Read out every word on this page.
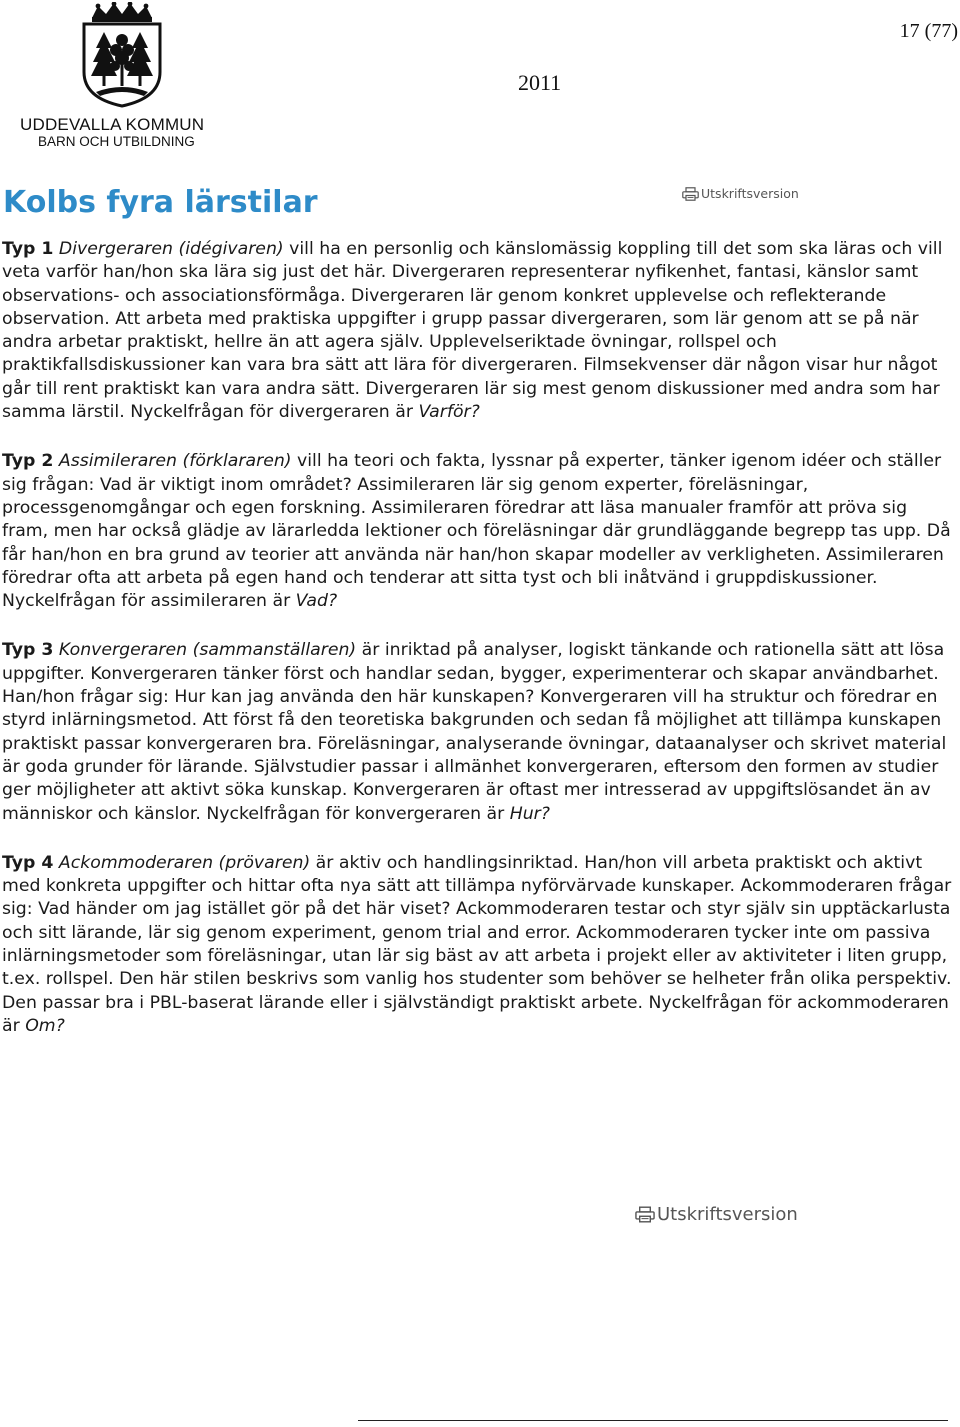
UDDEVALLA KOMMUN
BARN OCH UTBILDNING
17 (77)
2011
Kolbs fyra lärstilar	Utskriftsversion

Typ 1 Divergeraren (idégivaren) vill ha en personlig och känslomässig koppling till det som ska läras och vill veta varför han/hon ska lära sig just det här. Divergeraren representerar nyfikenhet, fantasi, känslor samt observations- och associationsförmåga. Divergeraren lär genom konkret upplevelse och reflekterande observation. Att arbeta med praktiska uppgifter i grupp passar divergeraren, som lär genom att se på när andra arbetar praktiskt, hellre än att agera själv. Upplevelseriktade övningar, rollspel och praktikfallsdiskussioner kan vara bra sätt att lära för divergeraren. Filmsekvenser där någon visar hur något går till rent praktiskt kan vara andra sätt. Divergeraren lär sig mest genom diskussioner med andra som har samma lärstil. Nyckelfrågan för divergeraren är Varför?

Typ 2 Assimileraren (förklararen) vill ha teori och fakta, lyssnar på experter, tänker igenom idéer och ställer sig frågan: Vad är viktigt inom området? Assimileraren lär sig genom experter, föreläsningar, processgenomgångar och egen forskning. Assimileraren föredrar att läsa manualer framför att pröva sig fram, men har också glädje av lärarledda lektioner och föreläsningar där grundläggande begrepp tas upp. Då får han/hon en bra grund av teorier att använda när han/hon skapar modeller av verkligheten. Assimileraren föredrar ofta att arbeta på egen hand och tenderar att sitta tyst och bli inåtvänd i gruppdiskussioner. Nyckelfrågan för assimileraren är Vad?

Typ 3 Konvergeraren (sammanställaren) är inriktad på analyser, logiskt tänkande och rationella sätt att lösa uppgifter. Konvergeraren tänker först och handlar sedan, bygger, experimenterar och skapar användbarhet. Han/hon frågar sig: Hur kan jag använda den här kunskapen? Konvergeraren vill ha struktur och föredrar en styrd inlärningsmetod. Att först få den teoretiska bakgrunden och sedan få möjlighet att tillämpa kunskapen praktiskt passar konvergeraren bra. Föreläsningar, analyserande övningar, dataanalyser och skrivet material är goda grunder för lärande. Självstudier passar i allmänhet konvergeraren, eftersom den formen av studier ger möjligheter att aktivt söka kunskap. Konvergeraren är oftast mer intresserad av uppgiftslösandet än av människor och känslor. Nyckelfrågan för konvergeraren är Hur?

Typ 4 Ackommoderaren (prövaren) är aktiv och handlingsinriktad. Han/hon vill arbeta praktiskt och aktivt med konkreta uppgifter och hittar ofta nya sätt att tillämpa nyförvärvade kunskaper. Ackommoderaren frågar sig: Vad händer om jag istället gör på det här viset? Ackommoderaren testar och styr själv sin upptäckarlusta och sitt lärande, lär sig genom experiment, genom trial and error. Ackommoderaren tycker inte om passiva inlärningsmetoder som föreläsningar, utan lär sig bäst av att arbeta i projekt eller av aktiviteter i liten grupp, t.ex. rollspel. Den här stilen beskrivs som vanlig hos studenter som behöver se helheter från olika perspektiv. Den passar bra i PBL-baserat lärande eller i självständigt praktiskt arbete. Nyckelfrågan för ackommoderaren är Om?

Utskriftsversion
